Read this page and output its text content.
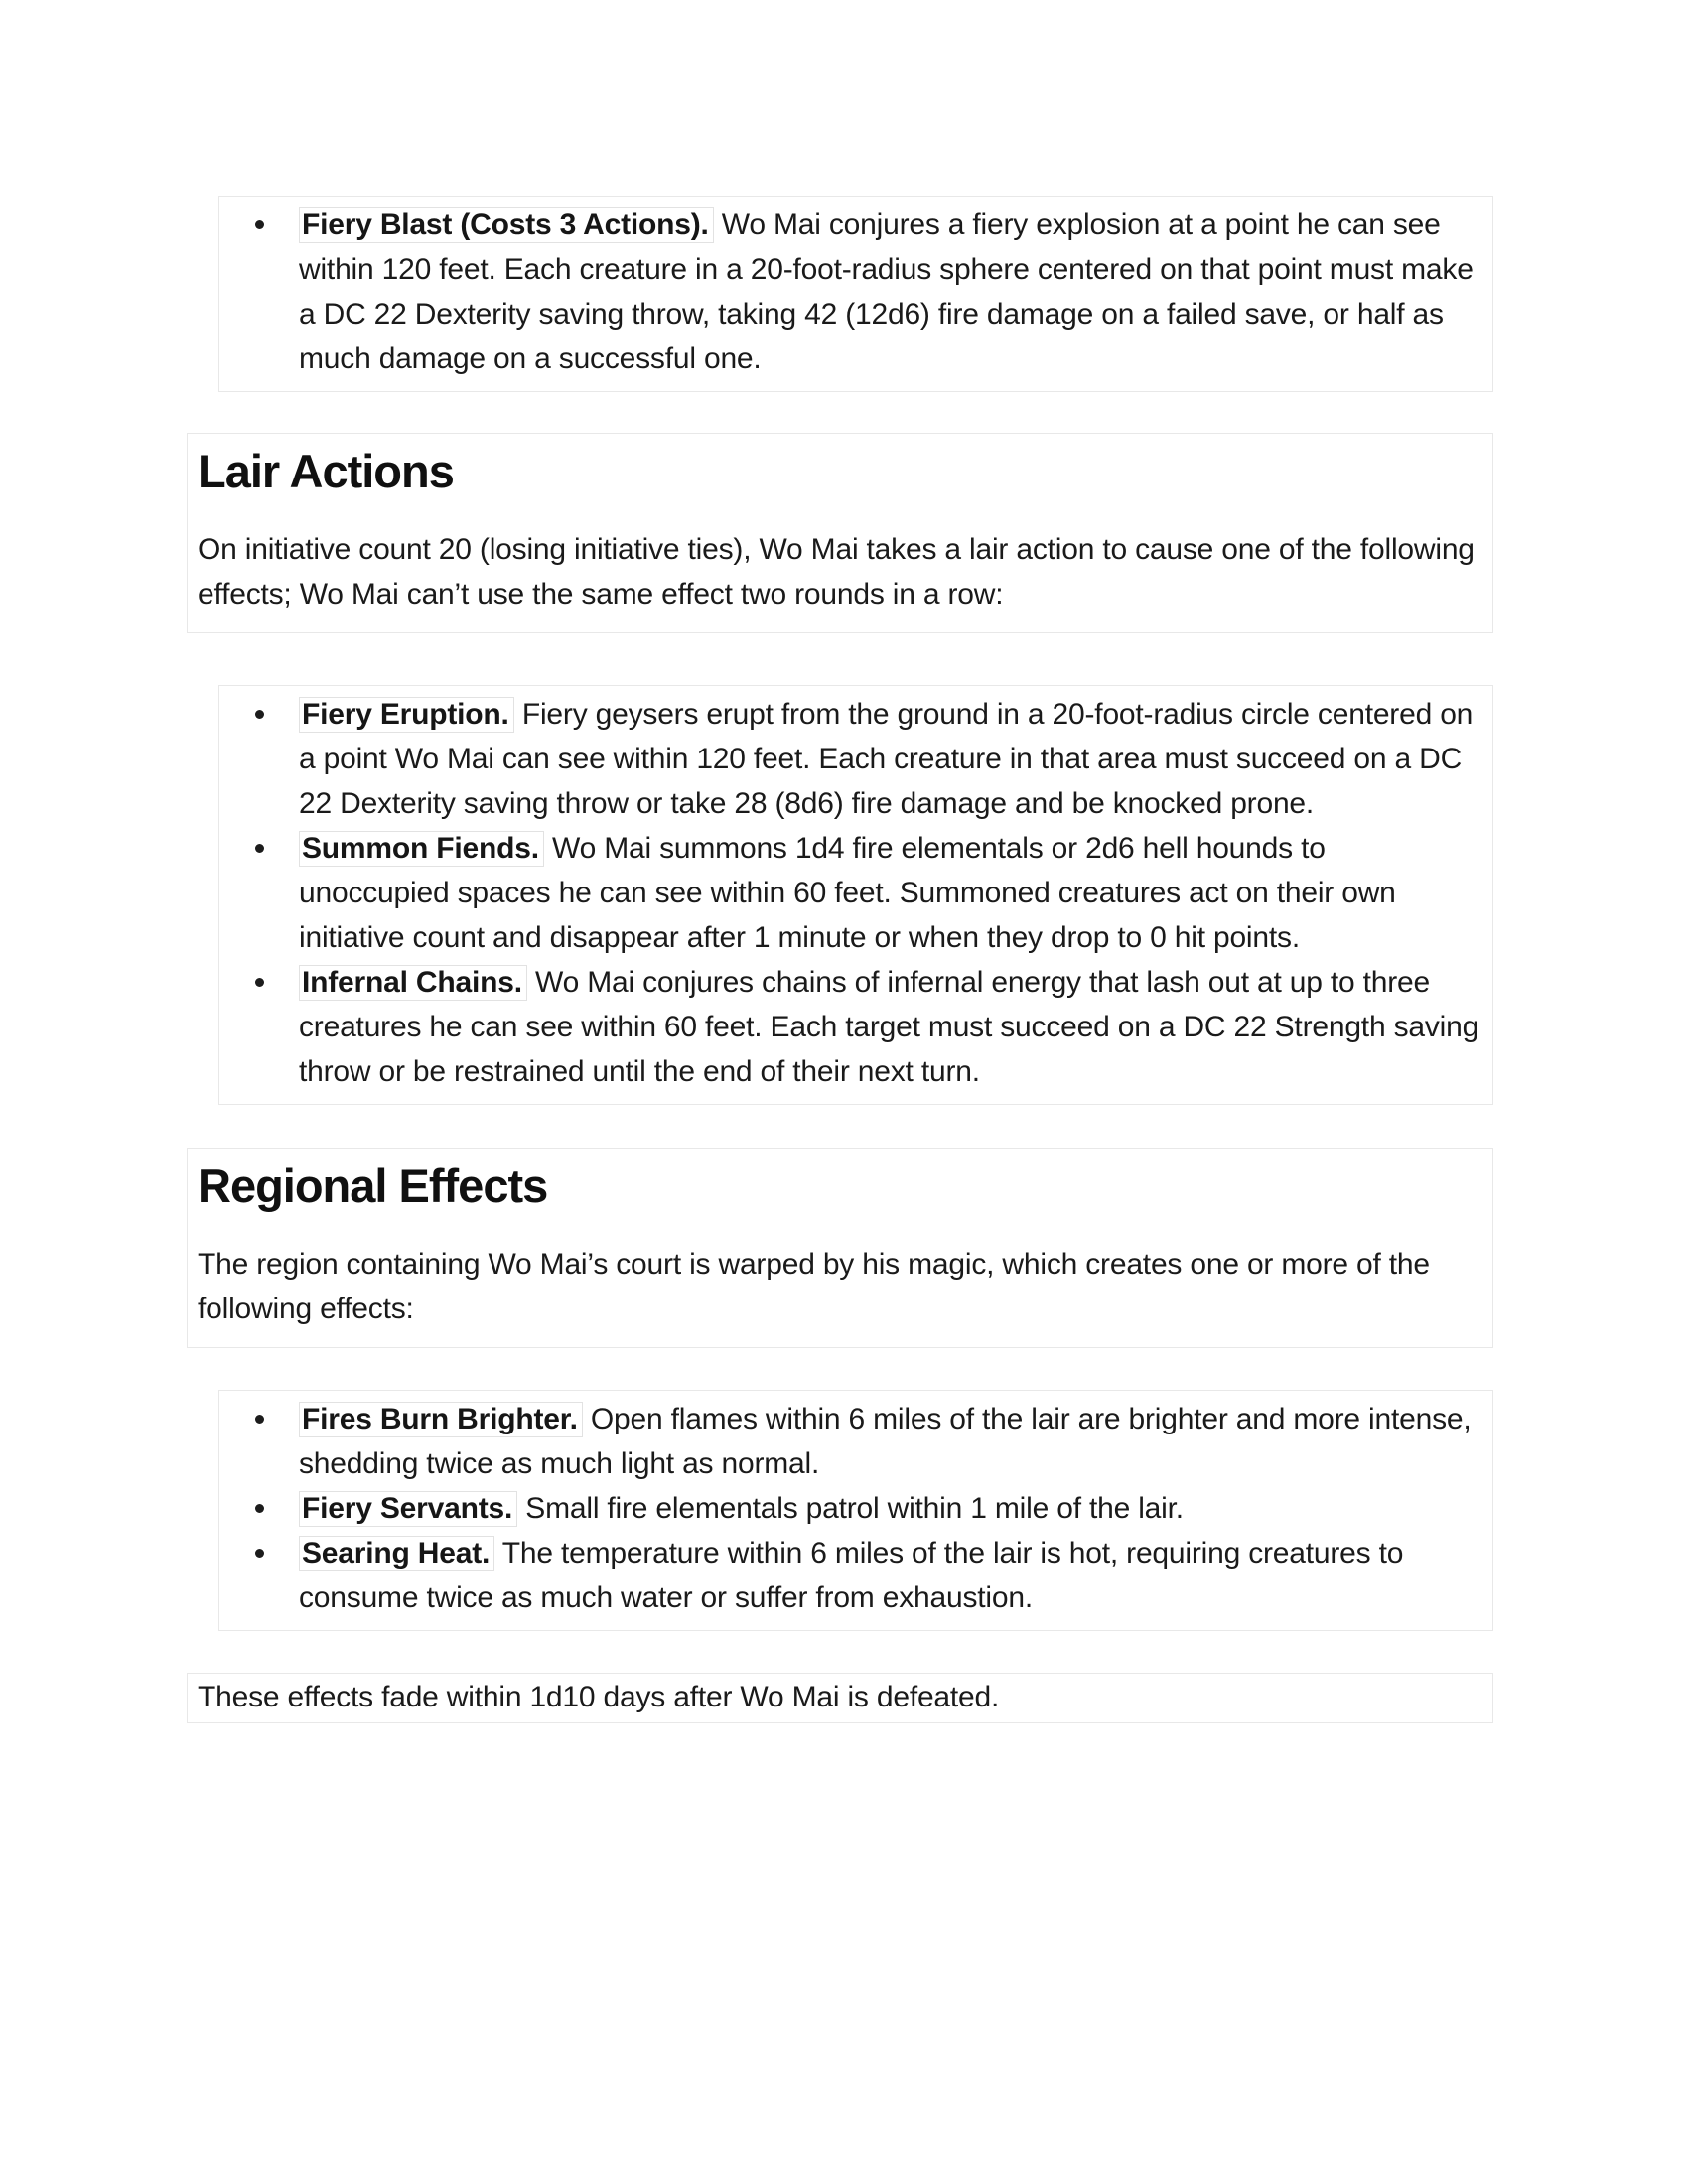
Fiery Blast (Costs 3 Actions). Wo Mai conjures a fiery explosion at a point he can see within 120 feet. Each creature in a 20-foot-radius sphere centered on that point must make a DC 22 Dexterity saving throw, taking 42 (12d6) fire damage on a failed save, or half as much damage on a successful one.
Lair Actions

On initiative count 20 (losing initiative ties), Wo Mai takes a lair action to cause one of the following effects; Wo Mai can’t use the same effect two rounds in a row:

Fiery Eruption. Fiery geysers erupt from the ground in a 20-foot-radius circle centered on a point Wo Mai can see within 120 feet. Each creature in that area must succeed on a DC 22 Dexterity saving throw or take 28 (8d6) fire damage and be knocked prone.
Summon Fiends. Wo Mai summons 1d4 fire elementals or 2d6 hell hounds to unoccupied spaces he can see within 60 feet. Summoned creatures act on their own initiative count and disappear after 1 minute or when they drop to 0 hit points.
Infernal Chains. Wo Mai conjures chains of infernal energy that lash out at up to three creatures he can see within 60 feet. Each target must succeed on a DC 22 Strength saving throw or be restrained until the end of their next turn.
Regional Effects

The region containing Wo Mai’s court is warped by his magic, which creates one or more of the following effects:

Fires Burn Brighter. Open flames within 6 miles of the lair are brighter and more intense, shedding twice as much light as normal.
Fiery Servants. Small fire elementals patrol within 1 mile of the lair.
Searing Heat. The temperature within 6 miles of the lair is hot, requiring creatures to consume twice as much water or suffer from exhaustion.
These effects fade within 1d10 days after Wo Mai is defeated.
